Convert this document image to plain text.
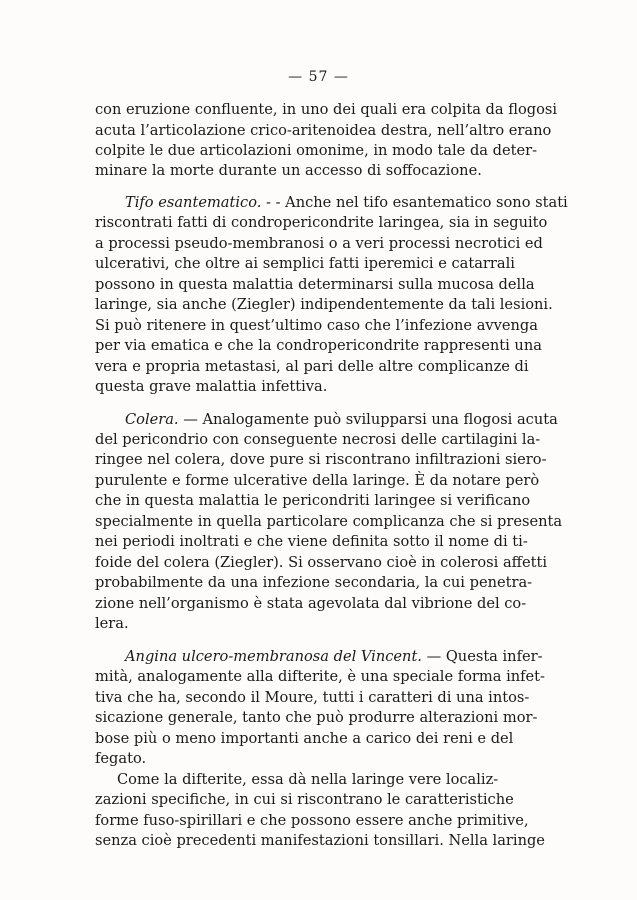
— 57 —
con eruzione confluente, in uno dei quali era colpita da flogosi
acuta l’articolazione crico-aritenoidea destra, nell’altro erano
colpite le due articolazioni omonime, in modo tale da deter-
minare la morte durante un accesso di soffocazione.
Tifo esantematico. - - Anche nel tifo esantematico sono stati
riscontrati fatti di condropericondrite laringea, sia in seguito
a processi pseudo-membranosi o a veri processi necrotici ed
ulcerativi, che oltre ai semplici fatti iperemici e catarrali
possono in questa malattia determinarsi sulla mucosa della
laringe, sia anche (Ziegler) indipendentemente da tali lesioni.
Si può ritenere in quest’ultimo caso che l’infezione avvenga
per via ematica e che la condropericondrite rappresenti una
vera e propria metastasi, al pari delle altre complicanze di
questa grave malattia infettiva.
Colera. — Analogamente può svilupparsi una flogosi acuta
del pericondrio con conseguente necrosi delle cartilagini la-
ringee nel colera, dove pure si riscontrano infiltrazioni siero-
purulente e forme ulcerative della laringe. È da notare però
che in questa malattia le pericondriti laringee si verificano
specialmente in quella particolare complicanza che si presenta
nei periodi inoltrati e che viene definita sotto il nome di ti-
foide del colera (Ziegler). Si osservano cioè in colerosi affetti
probabilmente da una infezione secondaria, la cui penetra-
zione nell’organismo è stata agevolata dal vibrione del co-
lera.
Angina ulcero-membranosa del Vincent. — Questa infer-
mità, analogamente alla difterite, è una speciale forma infet-
tiva che ha, secondo il Moure, tutti i caratteri di una intos-
sicazione generale, tanto che può produrre alterazioni mor-
bose più o meno importanti anche a carico dei reni e del
fegato.
Come la difterite, essa dà nella laringe vere localiz-
zazioni specifiche, in cui si riscontrano le caratteristiche
forme fuso-spirillari e che possono essere anche primitive,
senza cioè precedenti manifestazioni tonsillari. Nella laringe
